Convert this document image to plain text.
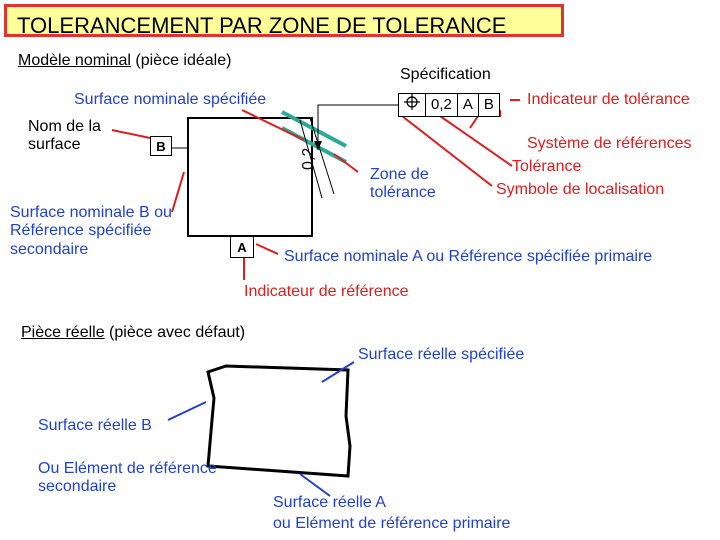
TOLERANCEMENT PAR ZONE DE TOLERANCE
0,2
B
A
0,2 A B
Modèle nominal (pièce idéale)
Spécification
Surface nominale spécifiée
Nom de la surface
Zone de tolérance
Surface nominale B ou Référence spécifiée secondaire
Indicateur de tolérance
Système de références
Tolérance
Symbole de localisation
Surface nominale A ou Référence spécifiée primaire
Indicateur de référence
Pièce réelle (pièce avec défaut)
Surface réelle spécifiée
Surface réelle B
Ou Elément de référence secondaire
Surface réelle A
ou Elément de référence primaire
